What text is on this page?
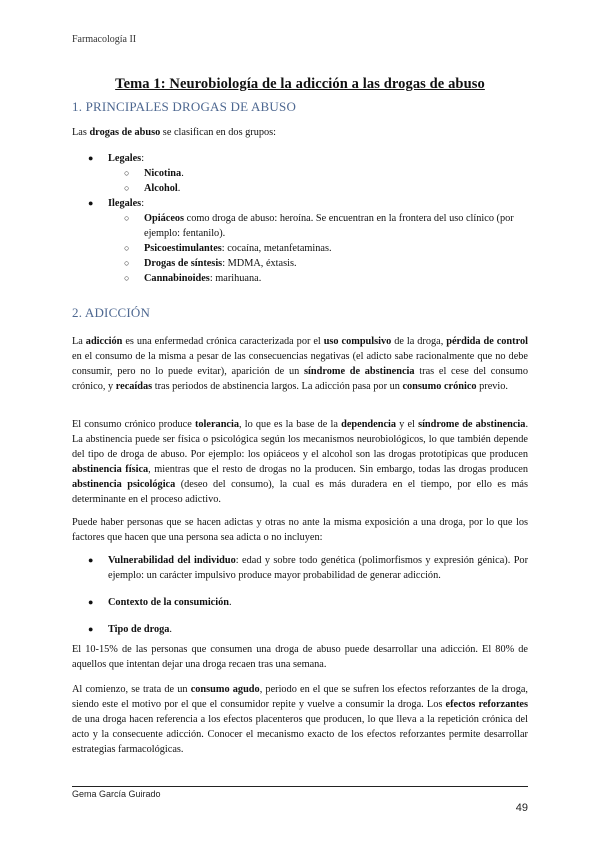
Farmacología II
Tema 1: Neurobiología de la adicción a las drogas de abuso
1. PRINCIPALES DROGAS DE ABUSO
Las drogas de abuso se clasifican en dos grupos:
● Legales:
○ Nicotina.
○ Alcohol.
● Ilegales:
○ Opiáceos como droga de abuso: heroína. Se encuentran en la frontera del uso clínico (por ejemplo: fentanilo).
○ Psicoestimulantes: cocaína, metanfetaminas.
○ Drogas de síntesis: MDMA, éxtasis.
○ Cannabinoides: marihuana.
2. ADICCIÓN
La adicción es una enfermedad crónica caracterizada por el uso compulsivo de la droga, pérdida de control en el consumo de la misma a pesar de las consecuencias negativas (el adicto sabe racionalmente que no debe consumir, pero no lo puede evitar), aparición de un síndrome de abstinencia tras el cese del consumo crónico, y recaídas tras periodos de abstinencia largos. La adicción pasa por un consumo crónico previo.
El consumo crónico produce tolerancia, lo que es la base de la dependencia y el síndrome de abstinencia. La abstinencia puede ser física o psicológica según los mecanismos neurobiológicos, lo que también depende del tipo de droga de abuso. Por ejemplo: los opiáceos y el alcohol son las drogas prototípicas que producen abstinencia física, mientras que el resto de drogas no la producen. Sin embargo, todas las drogas producen abstinencia psicológica (deseo del consumo), la cual es más duradera en el tiempo, por ello es más determinante en el proceso adictivo.
Puede haber personas que se hacen adictas y otras no ante la misma exposición a una droga, por lo que los factores que hacen que una persona sea adicta o no incluyen:
● Vulnerabilidad del individuo: edad y sobre todo genética (polimorfismos y expresión génica). Por ejemplo: un carácter impulsivo produce mayor probabilidad de generar adicción.
● Contexto de la consumición.
● Tipo de droga.
El 10-15% de las personas que consumen una droga de abuso puede desarrollar una adicción. El 80% de aquellos que intentan dejar una droga recaen tras una semana.
Al comienzo, se trata de un consumo agudo, periodo en el que se sufren los efectos reforzantes de la droga, siendo este el motivo por el que el consumidor repite y vuelve a consumir la droga. Los efectos reforzantes de una droga hacen referencia a los efectos placenteros que producen, lo que lleva a la repetición crónica del acto y la consecuente adicción. Conocer el mecanismo exacto de los efectos reforzantes permite desarrollar estrategias farmacológicas.
Gema García Guirado
49
